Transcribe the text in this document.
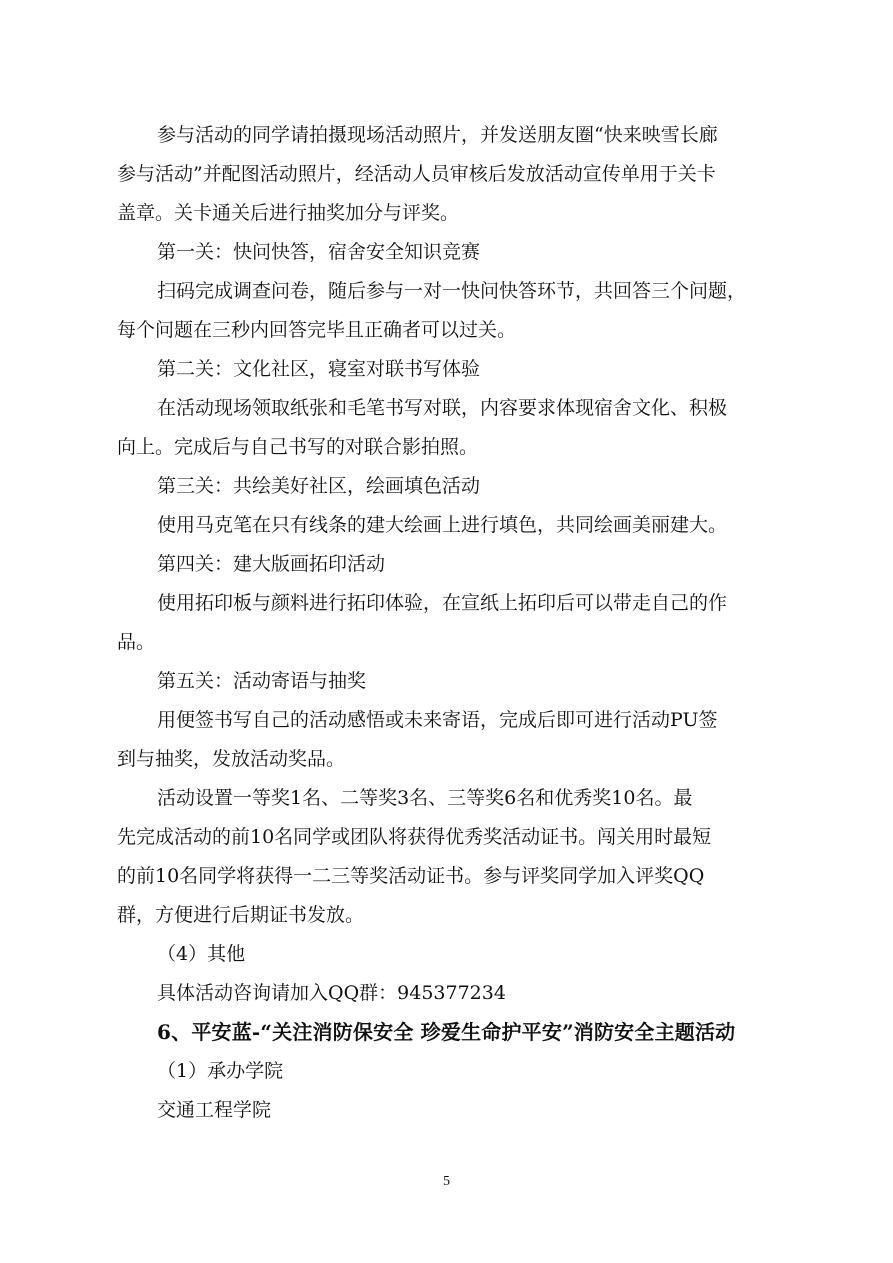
参与活动的同学请拍摄现场活动照片，并发送朋友圈“快来映雪长廊
参与活动”并配图活动照片，经活动人员审核后发放活动宣传单用于关卡
盖章。关卡通关后进行抽奖加分与评奖。
第一关：快问快答，宿舍安全知识竞赛
扫码完成调查问卷，随后参与一对一快问快答环节，共回答三个问题，
每个问题在三秒内回答完毕且正确者可以过关。
第二关：文化社区，寝室对联书写体验
在活动现场领取纸张和毛笔书写对联，内容要求体现宿舍文化、积极
向上。完成后与自己书写的对联合影拍照。
第三关：共绘美好社区，绘画填色活动
使用马克笔在只有线条的建大绘画上进行填色，共同绘画美丽建大。
第四关：建大版画拓印活动
使用拓印板与颜料进行拓印体验，在宣纸上拓印后可以带走自己的作
品。
第五关：活动寄语与抽奖
用便签书写自己的活动感悟或未来寄语，完成后即可进行活动PU签
到与抽奖，发放活动奖品。
活动设置一等奖1名、二等奖3名、三等奖6名和优秀奖10名。最
先完成活动的前10名同学或团队将获得优秀奖活动证书。闯关用时最短
的前10名同学将获得一二三等奖活动证书。参与评奖同学加入评奖QQ
群，方便进行后期证书发放。
（4）其他
具体活动咨询请加入QQ群：945377234
6、平安蓝-“关注消防保安全 珍爱生命护平安”消防安全主题活动
（1）承办学院
交通工程学院
5
